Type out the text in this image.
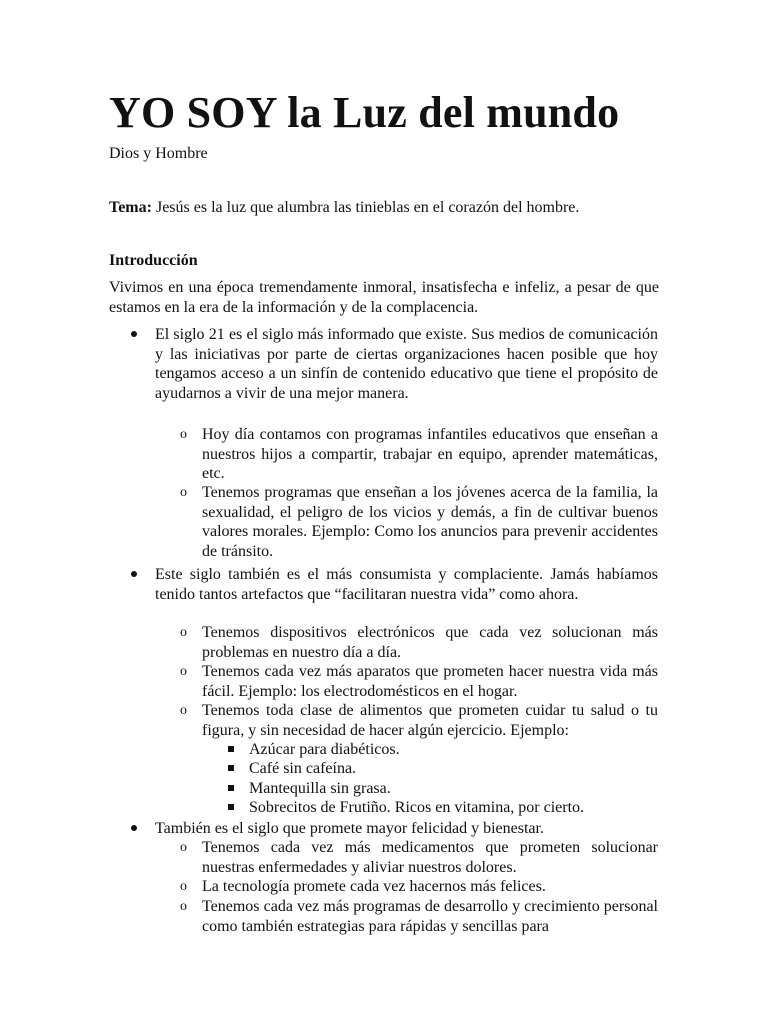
YO SOY la Luz del mundo

Dios y Hombre

Tema: Jesús es la luz que alumbra las tinieblas en el corazón del hombre.

Introducción

Vivimos en una época tremendamente inmoral, insatisfecha e infeliz, a pesar de que estamos en la era de la información y de la complacencia.

El siglo 21 es el siglo más informado que existe. Sus medios de comunicación y las iniciativas por parte de ciertas organizaciones hacen posible que hoy tengamos acceso a un sinfín de contenido educativo que tiene el propósito de ayudarnos a vivir de una mejor manera.

o Hoy día contamos con programas infantiles educativos que enseñan a nuestros hijos a compartir, trabajar en equipo, aprender matemáticas, etc.

o Tenemos programas que enseñan a los jóvenes acerca de la familia, la sexualidad, el peligro de los vicios y demás, a fin de cultivar buenos valores morales. Ejemplo: Como los anuncios para prevenir accidentes de tránsito.

Este siglo también es el más consumista y complaciente. Jamás habíamos tenido tantos artefactos que “facilitaran nuestra vida” como ahora.

o Tenemos dispositivos electrónicos que cada vez solucionan más problemas en nuestro día a día.

o Tenemos cada vez más aparatos que prometen hacer nuestra vida más fácil. Ejemplo: los electrodomésticos en el hogar.

o Tenemos toda clase de alimentos que prometen cuidar tu salud o tu figura, y sin necesidad de hacer algún ejercicio. Ejemplo:

Azúcar para diabéticos.

Café sin cafeína.

Mantequilla sin grasa.

Sobrecitos de Frutiño. Ricos en vitamina, por cierto.

También es el siglo que promete mayor felicidad y bienestar.

o Tenemos cada vez más medicamentos que prometen solucionar nuestras enfermedades y aliviar nuestros dolores.

o La tecnología promete cada vez hacernos más felices.

o Tenemos cada vez más programas de desarrollo y crecimiento personal como también estrategias para rápidas y sencillas para
